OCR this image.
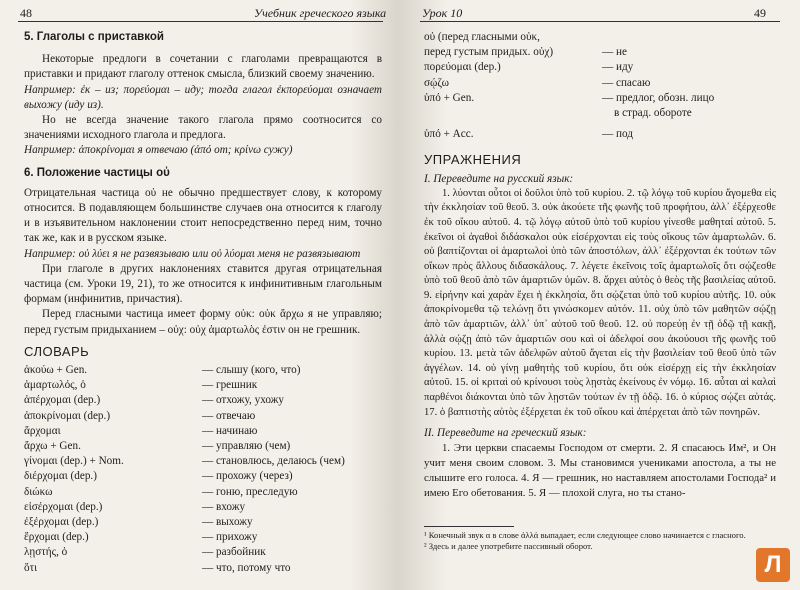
48	Учебник греческого языка

5. Глаголы с приставкой

Некоторые предлоги в сочетании с глаголами превращаются в приставки и придают глаголу оттенок смысла, близкий своему значению.

Например: ἐκ – из; πορεύομαι – иду; тогда глагол ἐκπορεύομαι означает выхожу (иду из).

Но не всегда значение такого глагола прямо соотносится со значениями исходного глагола и предлога.

Например: ἀποκρίνομαι я отвечаю (ἀπό от; κρίνω сужу)

6. Положение частицы οὐ

Отрицательная частица οὐ не обычно предшествует слову, к которому относится. В подавляющем большинстве случаев она относится к глаголу и в изъявительном наклонении стоит непосредственно перед ним, точно так же, как и в русском языке.

Например: οὐ λύει я не развязываю или οὐ λύομαι меня не развязывают

При глаголе в других наклонениях ставится другая отрицательная частица (см. Уроки 19, 21), то же относится к инфинитивным глагольным формам (инфинитив, причастия).

Перед гласными частица имеет форму οὐκ: οὐκ ἄρχω я не управляю; перед густым придыханием – οὐχ: οὐχ ἁμαρτωλὸς ἐστιν он не грешник.

СЛОВАРЬ

ἀκούω + Gen.	— слышу (кого, что)
ἁμαρτωλός, ὁ	— грешник
ἀπέρχομαι (dep.)	— отхожу, ухожу
ἀποκρίνομαι (dep.)	— отвечаю
ἄρχομαι	— начинаю
ἄρχω + Gen.	— управляю (чем)
γίνομαι (dep.) + Nom.	— становлюсь, делаюсь (чем)
διέρχομαι (dep.)	— прохожу (через)
διώκω	— гоню, преследую
εἰσέρχομαι (dep.)	— вхожу
ἐξέρχομαι (dep.)	— выхожу
ἔρχομαι (dep.)	— прихожу
λῃστής, ὁ	— разбойник
ὅτι	— что, потому что
Урок 10	49
οὐ (перед гласными οὐκ,
перед густым придых. οὐχ)	— не
πορεύομαι (dep.)	— иду
σῴζω	— спасаю
ὑπό + Gen.	— предлог, обозн. лицо
в страд. обороте
ὑπό + Acc.	— под

УПРАЖНЕНИЯ

I. Переведите на русский язык:

1. λύονται οὗτοι οἱ δοῦλοι ὑπὸ τοῦ κυρίου. 2. τῷ λόγῳ τοῦ κυρίου ἄγομεθα εἰς τὴν ἐκκλησίαν τοῦ θεοῦ. 3. οὐκ ἀκούετε τῆς φωνῆς τοῦ προφήτου, ἀλλ᾽ ἐξέρχεσθε ἐκ τοῦ οἴκου αὐτοῦ. 4. τῷ λόγῳ αὐτοῦ ὑπὸ τοῦ κυρίου γίνεσθε μαθηταί αὐτοῦ. 5. ἐκεῖνοι οἱ ἀγαθοὶ διδάσκαλοι οὐκ εἰσέρχονται εἰς τοὺς οἴκους τῶν ἁμαρτωλῶν. 6. οὐ βαπτίζονται οἱ ἁμαρτωλοὶ ὑπὸ τῶν ἀποστόλων, ἀλλ᾽ ἐξέρχονται ἐκ τούτων τῶν οἴκων πρὸς ἄλλους διδασκάλους. 7. λέγετε ἐκεῖνοις τοῖς ἁμαρτωλοῖς ὅτι σῴζεσθε ὑπὸ τοῦ θεοῦ ἀπὸ τῶν ἁμαρτιῶν ὑμῶν. 8. ἄρχει αὐτὸς ὁ θεὸς τῆς βασιλείας αὐτοῦ. 9. εἰρήνην καὶ χαρὰν ἔχει ἡ ἐκκλησία, ὅτι σῴζεται ὑπὸ τοῦ κυρίου αὐτῆς. 10. οὐκ ἀποκρίνομεθα τῷ τελώνῃ ὅτι γινώσκομεν αὐτόν. 11. οὐχ ὑπὸ τῶν μαθητῶν σῴζῃ ἀπὸ τῶν ἁμαρτιῶν, ἀλλ᾽ ὑπ᾽ αὐτοῦ τοῦ θεοῦ. 12. οὐ πορεύῃ ἐν τῇ ὁδῷ τῇ κακῇ, ἀλλὰ σῴζῃ ἀπὸ τῶν ἁμαρτιῶν σου καὶ οἱ ἀδελφοί σου ἀκούουσι τῆς φωνῆς τοῦ κυρίου. 13. μετὰ τῶν ἀδελφῶν αὐτοῦ ἄγεται εἰς τὴν βασιλείαν τοῦ θεοῦ ὑπὸ τῶν ἀγγέλων. 14. οὐ γίνῃ μαθητὴς τοῦ κυρίου, ὅτι οὐκ εἰσέρχῃ εἰς τὴν ἐκκλησίαν αὐτοῦ. 15. οἱ κριταὶ οὐ κρίνουσι τοὺς λῃστὰς ἐκείνους ἐν νόμῳ. 16. αὗται αἱ καλαὶ παρθένοι διάκονται ὑπὸ τῶν λῃστῶν τούτων ἐν τῇ ὁδῷ. 16. ὁ κύριος σῴζει αὐτάς. 17. ὁ βαπτιστὴς αὐτὸς ἐξέρχεται ἐκ τοῦ οἴκου καὶ ἀπέρχεται ἀπὸ τῶν πονηρῶν.

II. Переведите на греческий язык:

1. Эти церкви спасаемы Господом от смерти. 2. Я спасаюсь Им², и Он учит меня своим словом. 3. Мы становимся учениками апостола, а ты не слышите его голоса. 4. Я — грешник, но наставляем апостолами Господа² и имею Его обетования. 5. Я — плохой слуга, но ты стано-

¹ Конечный звук α в слове ἀλλά выпадает, если следующее слово начинается с гласного.
² Здесь и далее употребите пассивный оборот.
Л
